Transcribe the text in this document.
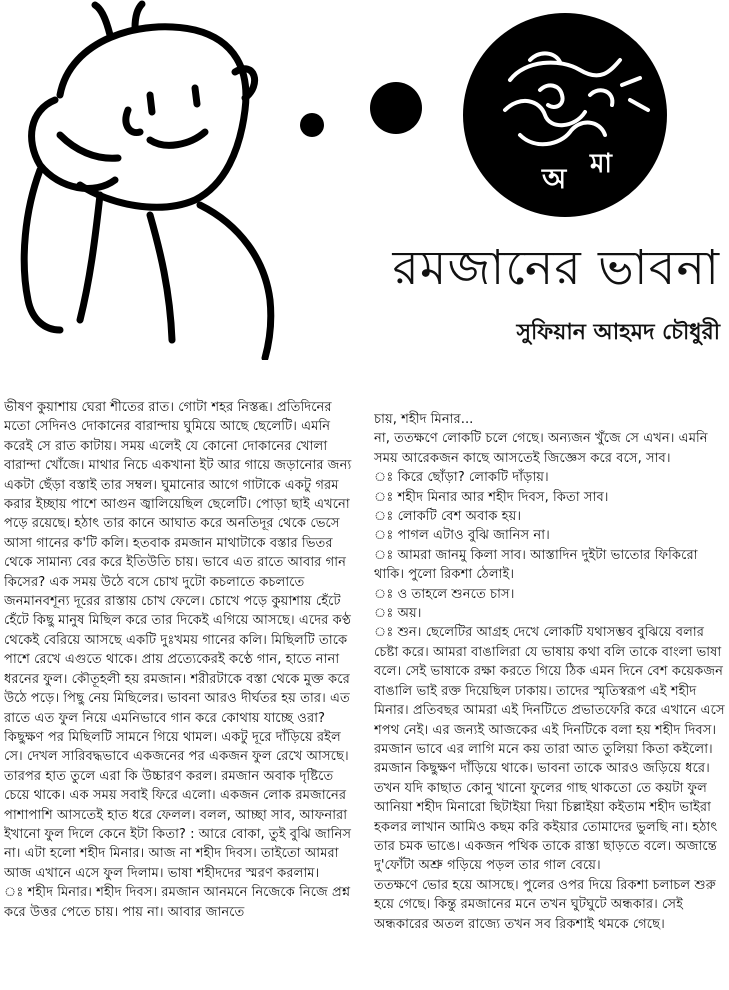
অ মা
রমজানের ভাবনা
সুফিয়ান আহমদ চৌধুরী

ভীষণ কুয়াশায় ঘেরা শীতের রাত। গোটা শহর নিস্তব্ধ। প্রতিদিনের মতো সেদিনও দোকানের বারান্দায় ঘুমিয়ে আছে ছেলেটি। এমনি করেই সে রাত কাটায়। সময় এলেই যে কোনো দোকানের খোলা বারান্দা খোঁজে। মাথার নিচে একখানা ইট আর গায়ে জড়ানোর জন্য একটা ছেঁড়া বস্তাই তার সম্বল। ঘুমানোর আগে গাটাকে একটু গরম করার ইচ্ছায় পাশে আগুন জ্বালিয়েছিল ছেলেটি। পোড়া ছাই এখনো পড়ে রয়েছে। হঠাৎ তার কানে আঘাত করে অনতিদূর থেকে ভেসে আসা গানের ক'টি কলি। হতবাক রমজান মাথাটাকে বস্তার ভিতর থেকে সামান্য বের করে ইতিউতি চায়। ভাবে এত রাতে আবার গান কিসের? এক সময় উঠে বসে চোখ দুটো কচলাতে কচলাতে জনমানবশূন্য দূরের রাস্তায় চোখ ফেলে। চোখে পড়ে কুয়াশায় হেঁটে হেঁটে কিছু মানুষ মিছিল করে তার দিকেই এগিয়ে আসছে। এদের কণ্ঠ থেকেই বেরিয়ে আসছে একটি দুঃখময় গানের কলি। মিছিলটি তাকে পাশে রেখে এগুতে থাকে। প্রায় প্রত্যেকেরই কণ্ঠে গান, হাতে নানা ধরনের ফুল। কৌতূহলী হয় রমজান। শরীরটাকে বস্তা থেকে মুক্ত করে উঠে পড়ে। পিছু নেয় মিছিলের। ভাবনা আরও দীর্ঘতর হয় তার। এত রাতে এত ফুল নিয়ে এমনিভাবে গান করে কোথায় যাচ্ছে ওরা? কিছুক্ষণ পর মিছিলটি সামনে গিয়ে থামল। একটু দূরে দাঁড়িয়ে রইল সে। দেখল সারিবদ্ধভাবে একজনের পর একজন ফুল রেখে আসছে। তারপর হাত তুলে এরা কি উচ্চারণ করল। রমজান অবাক দৃষ্টিতে চেয়ে থাকে। এক সময় সবাই ফিরে এলো। একজন লোক রমজানের পাশাপাশি আসতেই হাত ধরে ফেলল। বলল, আচ্ছা সাব, আফনারা ইখানো ফুল দিলে কেনে ইটা কিতা? : আরে বোকা, তুই বুঝি জানিস না। এটা হলো শহীদ মিনার। আজ না শহীদ দিবস। তাইতো আমরা আজ এখানে এসে ফুল দিলাম। ভাষা শহীদদের স্মরণ করলাম।

ঃ শহীদ মিনার। শহীদ দিবস। রমজান আনমনে নিজেকে নিজে প্রশ্ন করে উত্তর পেতে চায়। পায় না। আবার জানতে

চায়, শহীদ মিনার...

না, ততক্ষণে লোকটি চলে গেছে। অন্যজন খুঁজে সে এখন। এমনি সময় আরেকজন কাছে আসতেই জিজ্ঞেস করে বসে, সাব।

ঃ কিরে ছোঁড়া? লোকটি দাঁড়ায়।

ঃ শহীদ মিনার আর শহীদ দিবস, কিতা সাব।

ঃ লোকটি বেশ অবাক হয়।

ঃ পাগল এটাও বুঝি জানিস না।

ঃ আমরা জানমু কিলা সাব। আস্তাদিন দুইটা ভাতোর ফিকিরো থাকি। পুলো রিকশা ঠেলাই।

ঃ ও তাহলে শুনতে চাস।

ঃ অয়।

ঃ শুন। ছেলেটির আগ্রহ দেখে লোকটি যথাসম্ভব বুঝিয়ে বলার চেষ্টা করে। আমরা বাঙালিরা যে ভাষায় কথা বলি তাকে বাংলা ভাষা বলে। সেই ভাষাকে রক্ষা করতে গিয়ে ঠিক এমন দিনে বেশ কয়েকজন বাঙালি ভাই রক্ত দিয়েছিল ঢাকায়। তাদের স্মৃতিস্বরূপ এই শহীদ মিনার। প্রতিবছর আমরা এই দিনটিতে প্রভাতফেরি করে এখানে এসে শপথ নেই। এর জন্যই আজকের এই দিনটিকে বলা হয় শহীদ দিবস। রমজান ভাবে এর লাগি মনে কয় তারা আত তুলিয়া কিতা কইলো। রমজান কিছুক্ষণ দাঁড়িয়ে থাকে। ভাবনা তাকে আরও জড়িয়ে ধরে। তখন যদি কাছাত কোনু খানো ফুলের গাছ থাকতো তে কয়টা ফুল আনিয়া শহীদ মিনারো ছিটাইয়া দিয়া চিল্লাইয়া কইতাম শহীদ ভাইরা হকলর লাখান আমিও কছম করি কইয়ার তোমাদের ভুলছি না। হঠাৎ তার চমক ভাঙে। একজন পথিক তাকে রাস্তা ছাড়তে বলে। অজান্তে দু'ফোঁটা অশ্রু গড়িয়ে পড়ল তার গাল বেয়ে।

ততক্ষণে ভোর হয়ে আসছে। পুলের ওপর দিয়ে রিকশা চলাচল শুরু হয়ে গেছে। কিন্তু রমজানের মনে তখন ঘুটঘুটে অন্ধকার। সেই অন্ধকারের অতল রাজ্যে তখন সব রিকশাই থমকে গেছে।
